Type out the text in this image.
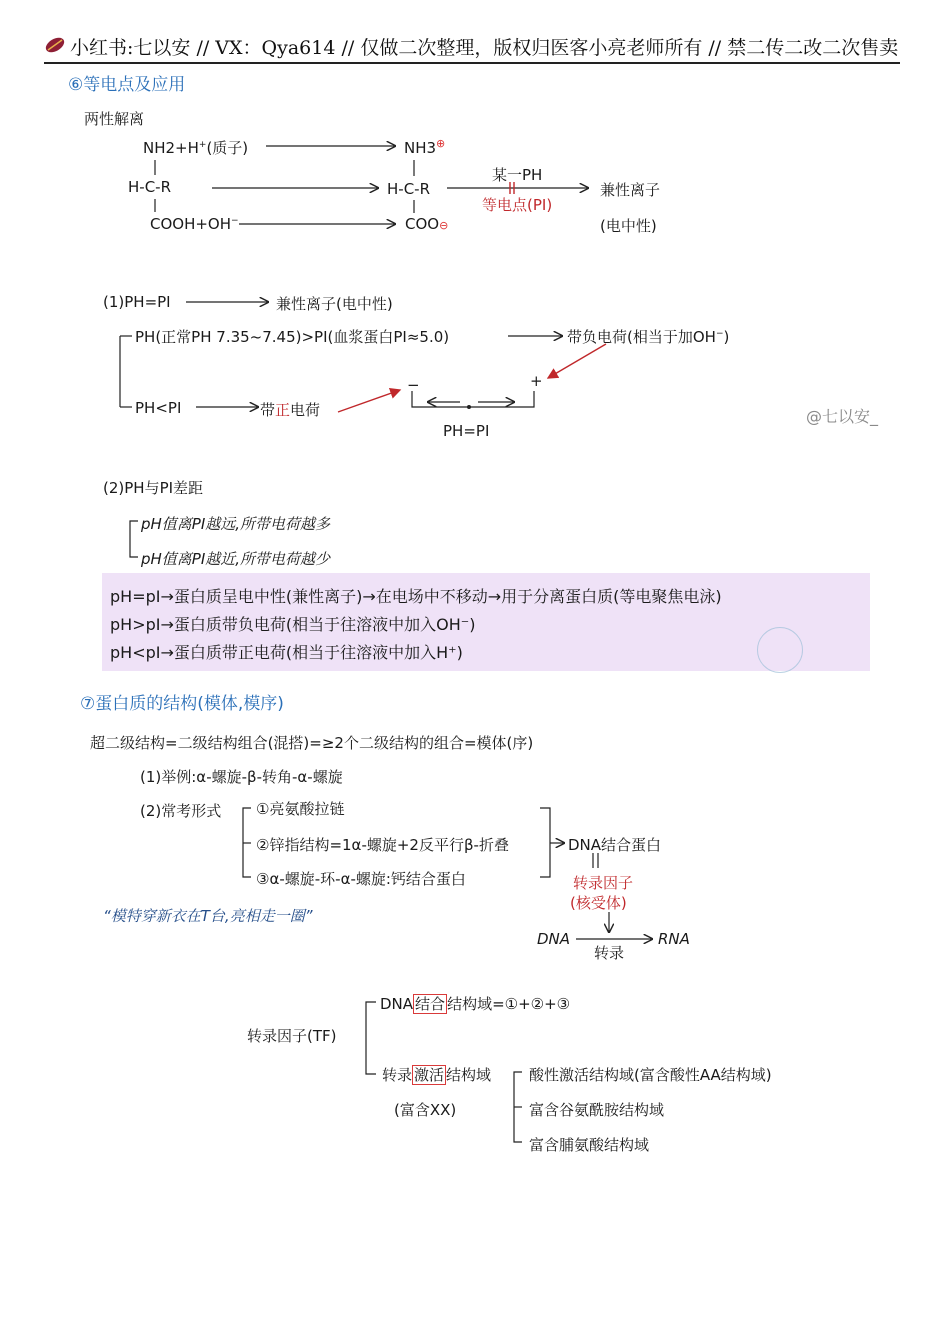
小红书:七以安 // VX：Qya614 // 仅做二次整理，版权归医客小亮老师所有 // 禁二传二改二次售卖
⑥等电点及应用
两性解离
NH2+H+(质子)	NH3⊕
H-C-R	H-C-R
COOH+OH−	COO⊖
某一PH
等电点(PI)
兼性离子
(电中性)
(1)PH=PI	兼性离子(电中性)
PH(正常PH 7.35~7.45)>PI(血浆蛋白PI≈5.0)	带负电荷(相当于加OH−)
PH<PI	带正电荷
−	+
PH=PI
@七以安_
(2)PH与PI差距
pH值离PI越远,所带电荷越多
pH值离PI越近,所带电荷越少
pH=pI→蛋白质呈电中性(兼性离子)→在电场中不移动→用于分离蛋白质(等电聚焦电泳)
pH>pI→蛋白质带负电荷(相当于往溶液中加入OH⁻)
pH<pI→蛋白质带正电荷(相当于往溶液中加入H⁺)
⑦蛋白质的结构(模体,模序)
超二级结构=二级结构组合(混搭)=≥2个二级结构的组合=模体(序)
(1)举例:α-螺旋-β-转角-α-螺旋
(2)常考形式 ①亮氨酸拉链
②锌指结构=1α-螺旋+2反平行β-折叠
③α-螺旋-环-α-螺旋:钙结合蛋白
DNA结合蛋白
转录因子
(核受体)
“模特穿新衣在T台,亮相走一圈”
DNA	RNA
转录
转录因子(TF)
DNA 结合 结构域=①+②+③
转录 激活 结构域
(富含XX)
酸性激活结构域(富含酸性AA结构域)
富含谷氨酰胺结构域
富含脯氨酸结构域
